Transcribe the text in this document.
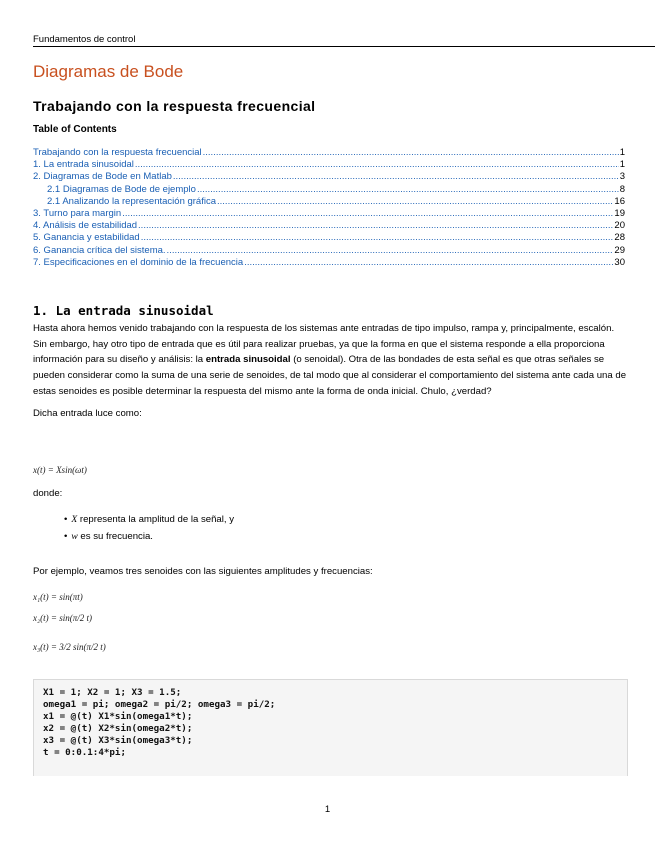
Fundamentos de control
Diagramas de Bode
Trabajando con la respuesta frecuencial
Table of Contents
Trabajando con la respuesta frecuencial .....	1
1. La entrada sinusoidal .....	1
2. Diagramas de Bode en Matlab .....	3
2.1 Diagramas de Bode de ejemplo .....	8
2.1 Analizando la representación gráfica .....	16
3. Turno para margin .....	19
4. Análisis de estabilidad .....	20
5. Ganancia y estabilidad .....	28
6. Ganancia crítica del sistema. .....	29
7. Especificaciones en el dominio de la frecuencia .....	30
1. La entrada sinusoidal
Hasta ahora hemos venido trabajando con la respuesta de los sistemas ante entradas de tipo impulso, rampa y, principalmente, escalón. Sin embargo, hay otro tipo de entrada que es útil para realizar pruebas, ya que la forma en que el sistema responde a ella proporciona información para su diseño y análisis: la entrada sinusoidal (o senoidal). Otra de las bondades de esta señal es que otras señales se pueden considerar como la suma de una serie de senoides, de tal modo que al considerar el comportamiento del sistema ante cada una de estas senoides es posible determinar la respuesta del mismo ante la forma de onda inicial. Chulo, ¿verdad?
Dicha entrada luce como:
x(t) = Xsin(ωt)
donde:
• X representa la amplitud de la señal, y
• w es su frecuencia.
Por ejemplo, veamos tres senoides con las siguientes amplitudes y frecuencias:
x₁(t) = sin(πt)
x₂(t) = sin(π/2 t)
x₃(t) = 3/2 sin(π/2 t)
X1 = 1; X2 = 1; X3 = 1.5;
omega1 = pi; omega2 = pi/2; omega3 = pi/2;
x1 = @(t) X1*sin(omega1*t);
x2 = @(t) X2*sin(omega2*t);
x3 = @(t) X3*sin(omega3*t);
t = 0:0.1:4*pi;
1
